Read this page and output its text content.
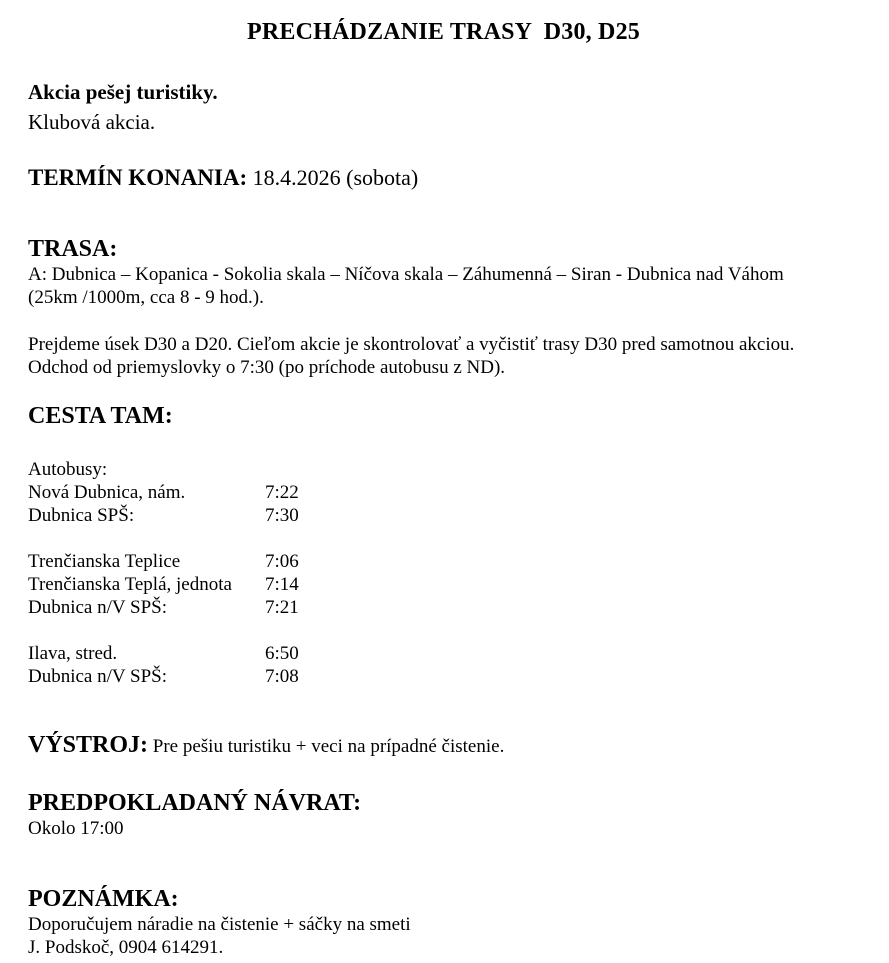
PRECHÁDZANIE TRASY  D30, D25

Akcia pešej turistiky.

Klubová akcia.

TERMÍN KONANIA: 18.4.2026 (sobota)

TRASA:

A: Dubnica – Kopanica - Sokolia skala – Níčova skala – Záhumenná – Siran - Dubnica nad Váhom

(25km /1000m, cca 8 - 9 hod.).

Prejdeme úsek D30 a D20. Cieľom akcie je skontrolovať a vyčistiť trasy D30 pred samotnou akciou.

Odchod od priemyslovky o 7:30 (po príchode autobusu z ND).

CESTA TAM:

Autobusy:

Nová Dubnica, nám.	7:22
Dubnica SPŠ:	7:30
Trenčianska Teplice	7:06
Trenčianska Teplá, jednota	7:14
Dubnica n/V SPŠ:	7:21
Ilava, stred.	6:50
Dubnica n/V SPŠ:	7:08

VÝSTROJ: Pre pešiu turistiku + veci na prípadné čistenie.

PREDPOKLADANÝ NÁVRAT:

Okolo 17:00

POZNÁMKA:

Doporučujem náradie na čistenie + sáčky na smeti

J. Podskoč, 0904 614291.
